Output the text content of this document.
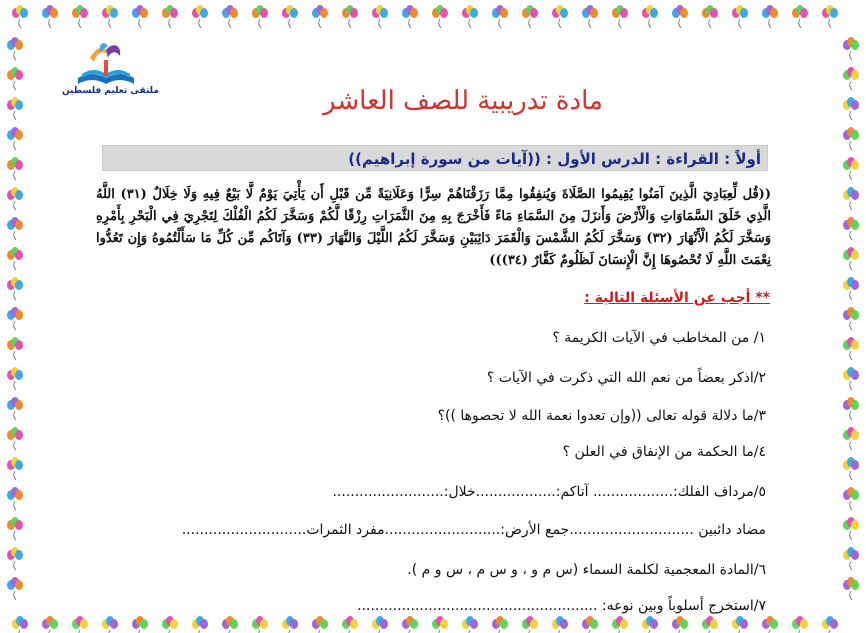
ملتقى تعليم فلسطين	مادة تدريبية للصف العاشر
أولاً : القراءة : الدرس الأول : ((آيات من سورة إبراهيم))
((قُل لِّعِبَادِيَ الَّذِينَ آمَنُوا يُقِيمُوا الصَّلَاةَ وَيُنفِقُوا مِمَّا رَزَقْنَاهُمْ سِرًّا وَعَلَانِيَةً مِّن قَبْلِ أَن يَأْتِيَ يَوْمٌ لَّا بَيْعٌ فِيهِ وَلَا خِلَالٌ (٣١) اللَّهُ الَّذِي خَلَقَ السَّمَاوَاتِ وَالْأَرْضَ وَأَنزَلَ مِنَ السَّمَاءِ مَاءً فَأَخْرَجَ بِهِ مِنَ الثَّمَرَاتِ رِزْقًا لَّكُمْ وَسَخَّرَ لَكُمُ الْفُلْكَ لِتَجْرِيَ فِي الْبَحْرِ بِأَمْرِهِ وَسَخَّرَ لَكُمُ الْأَنْهَارَ (٣٢) وَسَخَّرَ لَكُمُ الشَّمْسَ وَالْقَمَرَ دَائِبَيْنِ وَسَخَّرَ لَكُمُ اللَّيْلَ وَالنَّهَارَ (٣٣) وَآتَاكُم مِّن كُلِّ مَا سَأَلْتُمُوهُ وَإِن تَعُدُّوا نِعْمَتَ اللَّهِ لَا تُحْصُوهَا إِنَّ الْإِنسَانَ لَظَلُومٌ كَفَّارٌ (٣٤)))
** أجب عن الأسئلة التالية :
١/ من المخاطب في الآيات الكريمة ؟
٢/اذكر بعضاً من نعم الله التي ذكرت في الآيات ؟
٣/ما دلالة قوله تعالى ((وإن تعدوا نعمة الله لا تحصوها ))؟
٤/ما الحكمة من الإنفاق في العلن ؟
٥/مرداف الفلك:.................. آتاكم:..................خلال:.........................
مضاد دائبين ............................جمع الأرض:..........................مفرد الثمرات............................
٦/المادة المعجمية لكلمة السماء (س م و ، و س م ، س و م ).
٧/استخرج أسلوباً وبين نوعه: ......................................................
